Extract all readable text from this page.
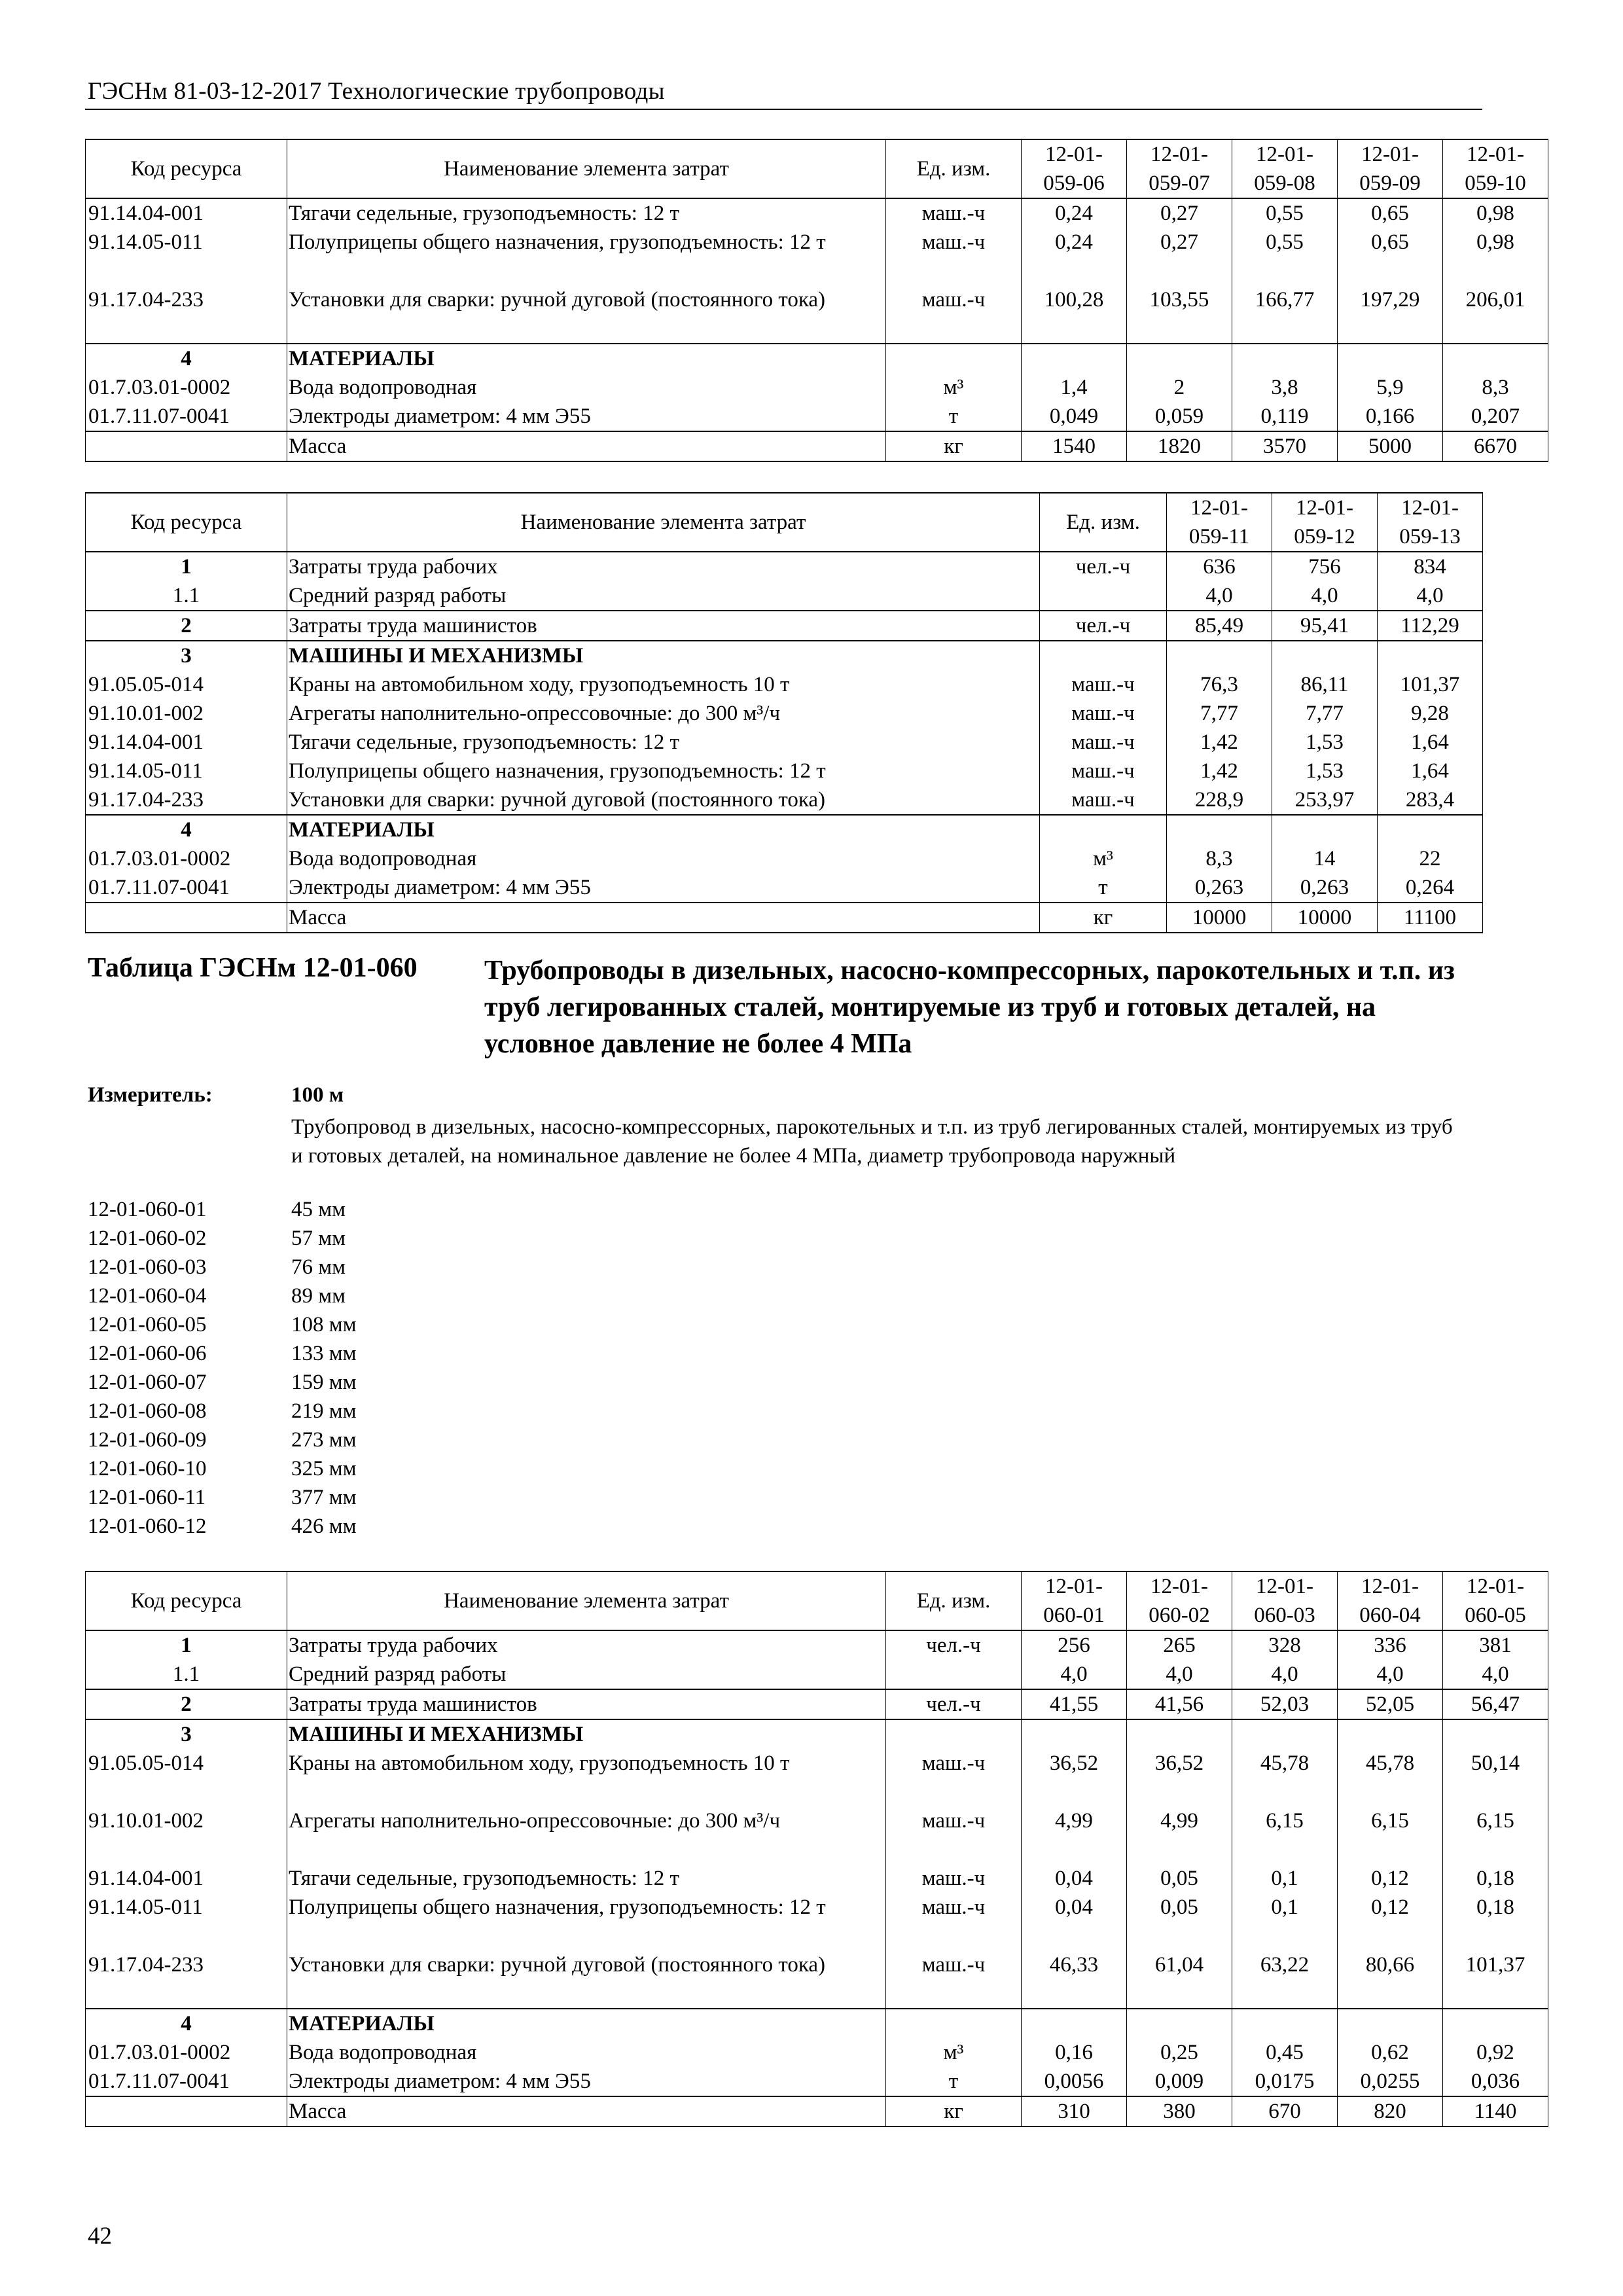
ГЭСНм 81-03-12-2017 Технологические трубопроводы
Код ресурса	Наименование элемента затрат	Ед. изм.	12-01- 059-06	12-01- 059-07	12-01- 059-08	12-01- 059-09	12-01- 059-10
91.14.04-001	Тягачи седельные, грузоподъемность: 12 т	маш.-ч	0,24	0,27	0,55	0,65	0,98
91.14.05-011	Полуприцепы общего назначения, грузоподъемность: 12 т	маш.-ч	0,24	0,27	0,55	0,65	0,98
91.17.04-233	Установки для сварки: ручной дуговой (постоянного тока)	маш.-ч	100,28	103,55	166,77	197,29	206,01
4	МАТЕРИАЛЫ						
01.7.03.01-0002	Вода водопроводная	м³	1,4	2	3,8	5,9	8,3
01.7.11.07-0041	Электроды диаметром: 4 мм Э55	т	0,049	0,059	0,119	0,166	0,207
	Масса	кг	1540	1820	3570	5000	6670
Код ресурса	Наименование элемента затрат	Ед. изм.	12-01- 059-11	12-01- 059-12	12-01- 059-13
1	Затраты труда рабочих	чел.-ч	636	756	834
1.1	Средний разряд работы		4,0	4,0	4,0
2	Затраты труда машинистов	чел.-ч	85,49	95,41	112,29
3	МАШИНЫ И МЕХАНИЗМЫ				
91.05.05-014	Краны на автомобильном ходу, грузоподъемность 10 т	маш.-ч	76,3	86,11	101,37
91.10.01-002	Агрегаты наполнительно-опрессовочные: до 300 м³/ч	маш.-ч	7,77	7,77	9,28
91.14.04-001	Тягачи седельные, грузоподъемность: 12 т	маш.-ч	1,42	1,53	1,64
91.14.05-011	Полуприцепы общего назначения, грузоподъемность: 12 т	маш.-ч	1,42	1,53	1,64
91.17.04-233	Установки для сварки: ручной дуговой (постоянного тока)	маш.-ч	228,9	253,97	283,4
4	МАТЕРИАЛЫ				
01.7.03.01-0002	Вода водопроводная	м³	8,3	14	22
01.7.11.07-0041	Электроды диаметром: 4 мм Э55	т	0,263	0,263	0,264
	Масса	кг	10000	10000	11100
Таблица ГЭСНм 12-01-060 Трубопроводы в дизельных, насосно-компрессорных, парокотельных и т.п. из труб легированных сталей, монтируемые из труб и готовых деталей, на условное давление не более 4 МПа
Измеритель:	100 м
Трубопровод в дизельных, насосно-компрессорных, парокотельных и т.п. из труб легированных сталей, монтируемых из труб и готовых деталей, на номинальное давление не более 4 МПа, диаметр трубопровода наружный
12-01-060-01	45 мм
12-01-060-02	57 мм
12-01-060-03	76 мм
12-01-060-04	89 мм
12-01-060-05	108 мм
12-01-060-06	133 мм
12-01-060-07	159 мм
12-01-060-08	219 мм
12-01-060-09	273 мм
12-01-060-10	325 мм
12-01-060-11	377 мм
12-01-060-12	426 мм
Код ресурса	Наименование элемента затрат	Ед. изм.	12-01- 060-01	12-01- 060-02	12-01- 060-03	12-01- 060-04	12-01- 060-05
1	Затраты труда рабочих	чел.-ч	256	265	328	336	381
1.1	Средний разряд работы		4,0	4,0	4,0	4,0	4,0
2	Затраты труда машинистов	чел.-ч	41,55	41,56	52,03	52,05	56,47
3	МАШИНЫ И МЕХАНИЗМЫ						
91.05.05-014	Краны на автомобильном ходу, грузоподъемность 10 т	маш.-ч	36,52	36,52	45,78	45,78	50,14
91.10.01-002	Агрегаты наполнительно-опрессовочные: до 300 м³/ч	маш.-ч	4,99	4,99	6,15	6,15	6,15
91.14.04-001	Тягачи седельные, грузоподъемность: 12 т	маш.-ч	0,04	0,05	0,1	0,12	0,18
91.14.05-011	Полуприцепы общего назначения, грузоподъемность: 12 т	маш.-ч	0,04	0,05	0,1	0,12	0,18
91.17.04-233	Установки для сварки: ручной дуговой (постоянного тока)	маш.-ч	46,33	61,04	63,22	80,66	101,37
4	МАТЕРИАЛЫ						
01.7.03.01-0002	Вода водопроводная	м³	0,16	0,25	0,45	0,62	0,92
01.7.11.07-0041	Электроды диаметром: 4 мм Э55	т	0,0056	0,009	0,0175	0,0255	0,036
	Масса	кг	310	380	670	820	1140
42
